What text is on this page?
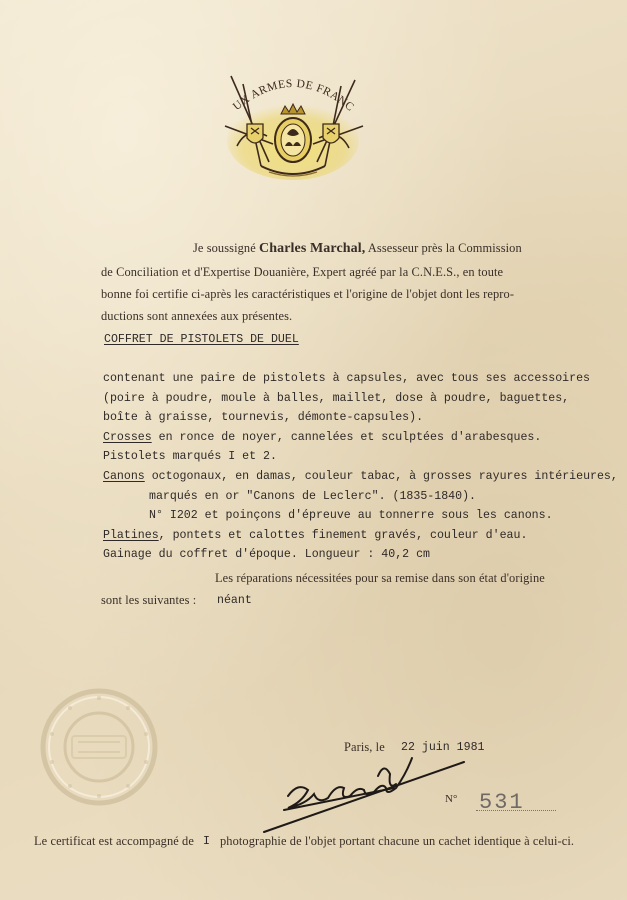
UX ARMES DE FRANC
Je soussigné Charles Marchal, Assesseur près la Commission
de Conciliation et d'Expertise Douanière, Expert agréé par la C.N.E.S., en toute
bonne foi certifie ci-après les caractéristiques et l'origine de l'objet dont les repro-
ductions sont annexées aux présentes.
COFFRET DE PISTOLETS DE DUEL
contenant une paire de pistolets à capsules, avec tous ses accessoires
(poire à poudre, moule à balles, maillet, dose à poudre, baguettes,
boîte à graisse, tournevis, démonte-capsules).
Crosses en ronce de noyer, cannelées et sculptées d'arabesques.
Pistolets marqués I et 2.
Canons octogonaux, en damas, couleur tabac, à grosses rayures intérieures,
marqués en or "Canons de Leclerc". (1835-1840).
N° I202 et poinçons d'épreuve au tonnerre sous les canons.
Platines, pontets et calottes finement gravés, couleur d'eau.
Gainage du coffret d'époque. Longueur : 40,2 cm
Les réparations nécessitées pour sa remise dans son état d'origine
sont les suivantes : néant
Paris, le 22 juin 1981
N° 531
Le certificat est accompagné de I photographie de l'objet portant chacune un cachet identique à celui-ci.
